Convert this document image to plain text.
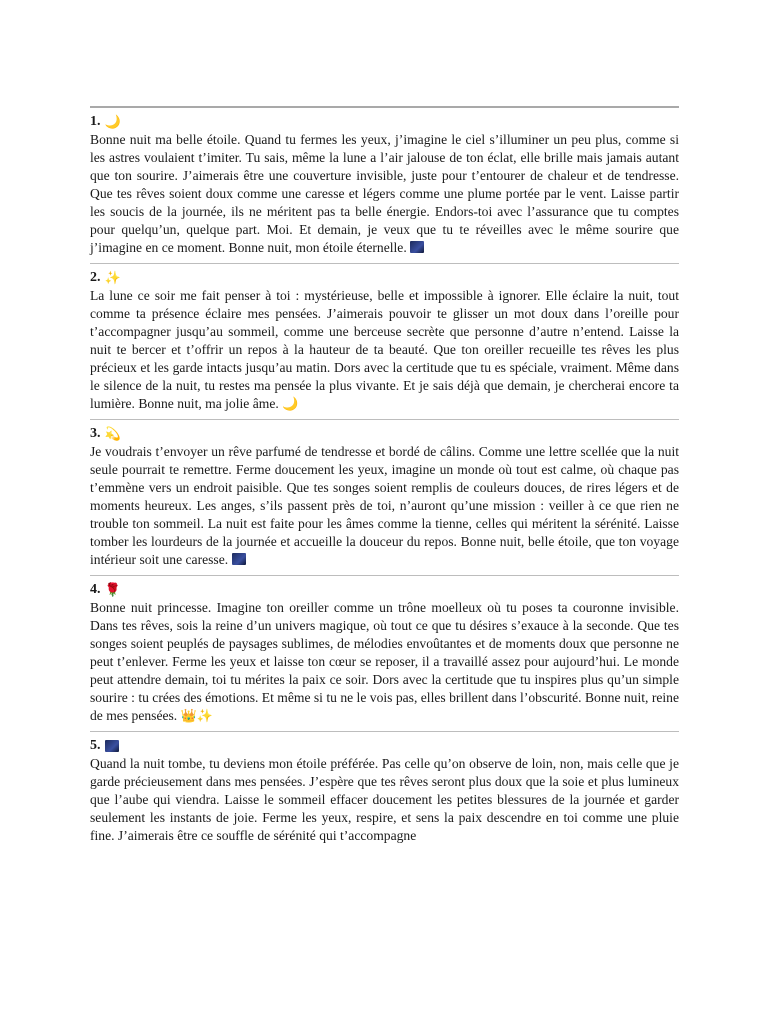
1. 🌙

Bonne nuit ma belle étoile. Quand tu fermes les yeux, j’imagine le ciel s’illuminer un peu plus, comme si les astres voulaient t’imiter. Tu sais, même la lune a l’air jalouse de ton éclat, elle brille mais jamais autant que ton sourire. J’aimerais être une couverture invisible, juste pour t’entourer de chaleur et de tendresse. Que tes rêves soient doux comme une caresse et légers comme une plume portée par le vent. Laisse partir les soucis de la journée, ils ne méritent pas ta belle énergie. Endors-toi avec l’assurance que tu comptes pour quelqu’un, quelque part. Moi. Et demain, je veux que tu te réveilles avec le même sourire que j’imagine en ce moment. Bonne nuit, mon étoile éternelle.

2. ✨

La lune ce soir me fait penser à toi : mystérieuse, belle et impossible à ignorer. Elle éclaire la nuit, tout comme ta présence éclaire mes pensées. J’aimerais pouvoir te glisser un mot doux dans l’oreille pour t’accompagner jusqu’au sommeil, comme une berceuse secrète que personne d’autre n’entend. Laisse la nuit te bercer et t’offrir un repos à la hauteur de ta beauté. Que ton oreiller recueille tes rêves les plus précieux et les garde intacts jusqu’au matin. Dors avec la certitude que tu es spéciale, vraiment. Même dans le silence de la nuit, tu restes ma pensée la plus vivante. Et je sais déjà que demain, je chercherai encore ta lumière. Bonne nuit, ma jolie âme. 🌙

3. 💫

Je voudrais t’envoyer un rêve parfumé de tendresse et bordé de câlins. Comme une lettre scellée que la nuit seule pourrait te remettre. Ferme doucement les yeux, imagine un monde où tout est calme, où chaque pas t’emmène vers un endroit paisible. Que tes songes soient remplis de couleurs douces, de rires légers et de moments heureux. Les anges, s’ils passent près de toi, n’auront qu’une mission : veiller à ce que rien ne trouble ton sommeil. La nuit est faite pour les âmes comme la tienne, celles qui méritent la sérénité. Laisse tomber les lourdeurs de la journée et accueille la douceur du repos. Bonne nuit, belle étoile, que ton voyage intérieur soit une caresse.

4. 🌹

Bonne nuit princesse. Imagine ton oreiller comme un trône moelleux où tu poses ta couronne invisible. Dans tes rêves, sois la reine d’un univers magique, où tout ce que tu désires s’exauce à la seconde. Que tes songes soient peuplés de paysages sublimes, de mélodies envoûtantes et de moments doux que personne ne peut t’enlever. Ferme les yeux et laisse ton cœur se reposer, il a travaillé assez pour aujourd’hui. Le monde peut attendre demain, toi tu mérites la paix ce soir. Dors avec la certitude que tu inspires plus qu’un simple sourire : tu crées des émotions. Et même si tu ne le vois pas, elles brillent dans l’obscurité. Bonne nuit, reine de mes pensées. 👑✨

5.

Quand la nuit tombe, tu deviens mon étoile préférée. Pas celle qu’on observe de loin, non, mais celle que je garde précieusement dans mes pensées. J’espère que tes rêves seront plus doux que la soie et plus lumineux que l’aube qui viendra. Laisse le sommeil effacer doucement les petites blessures de la journée et garder seulement les instants de joie. Ferme les yeux, respire, et sens la paix descendre en toi comme une pluie fine. J’aimerais être ce souffle de sérénité qui t’accompagne
